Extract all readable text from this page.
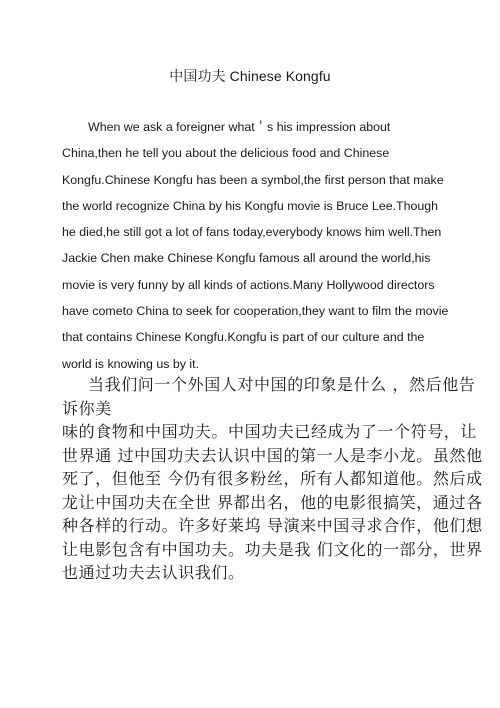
中国功夫 Chinese Kongfu
When we ask a foreigner what＇s his impression about
China,then he tell you about the delicious food and Chinese
Kongfu.Chinese Kongfu has been a symbol,the first person that make
the world recognize China by his Kongfu movie is Bruce Lee.Though
he died,he still got a lot of fans today,everybody knows him well.Then
Jackie Chen make Chinese Kongfu famous all around the world,his
movie is very funny by all kinds of actions.Many Hollywood directors
have cometo China to seek for cooperation,they want to film the movie
that contains Chinese Kongfu.Kongfu is part of our culture and the
world is knowing us by it.
当我们问一个外国人对中国的印象是什么 ，然后他告
诉你美
味的食物和中国功夫。中国功夫已经成为了一个符号，让
世界通 过中国功夫去认识中国的第一人是李小龙。虽然他
死了，但他至 今仍有很多粉丝，所有人都知道他。然后成
龙让中国功夫在全世 界都出名，他的电影很搞笑，通过各
种各样的行动。许多好莱坞 导演来中国寻求合作，他们想
让电影包含有中国功夫。功夫是我 们文化的一部分，世界
也通过功夫去认识我们。
